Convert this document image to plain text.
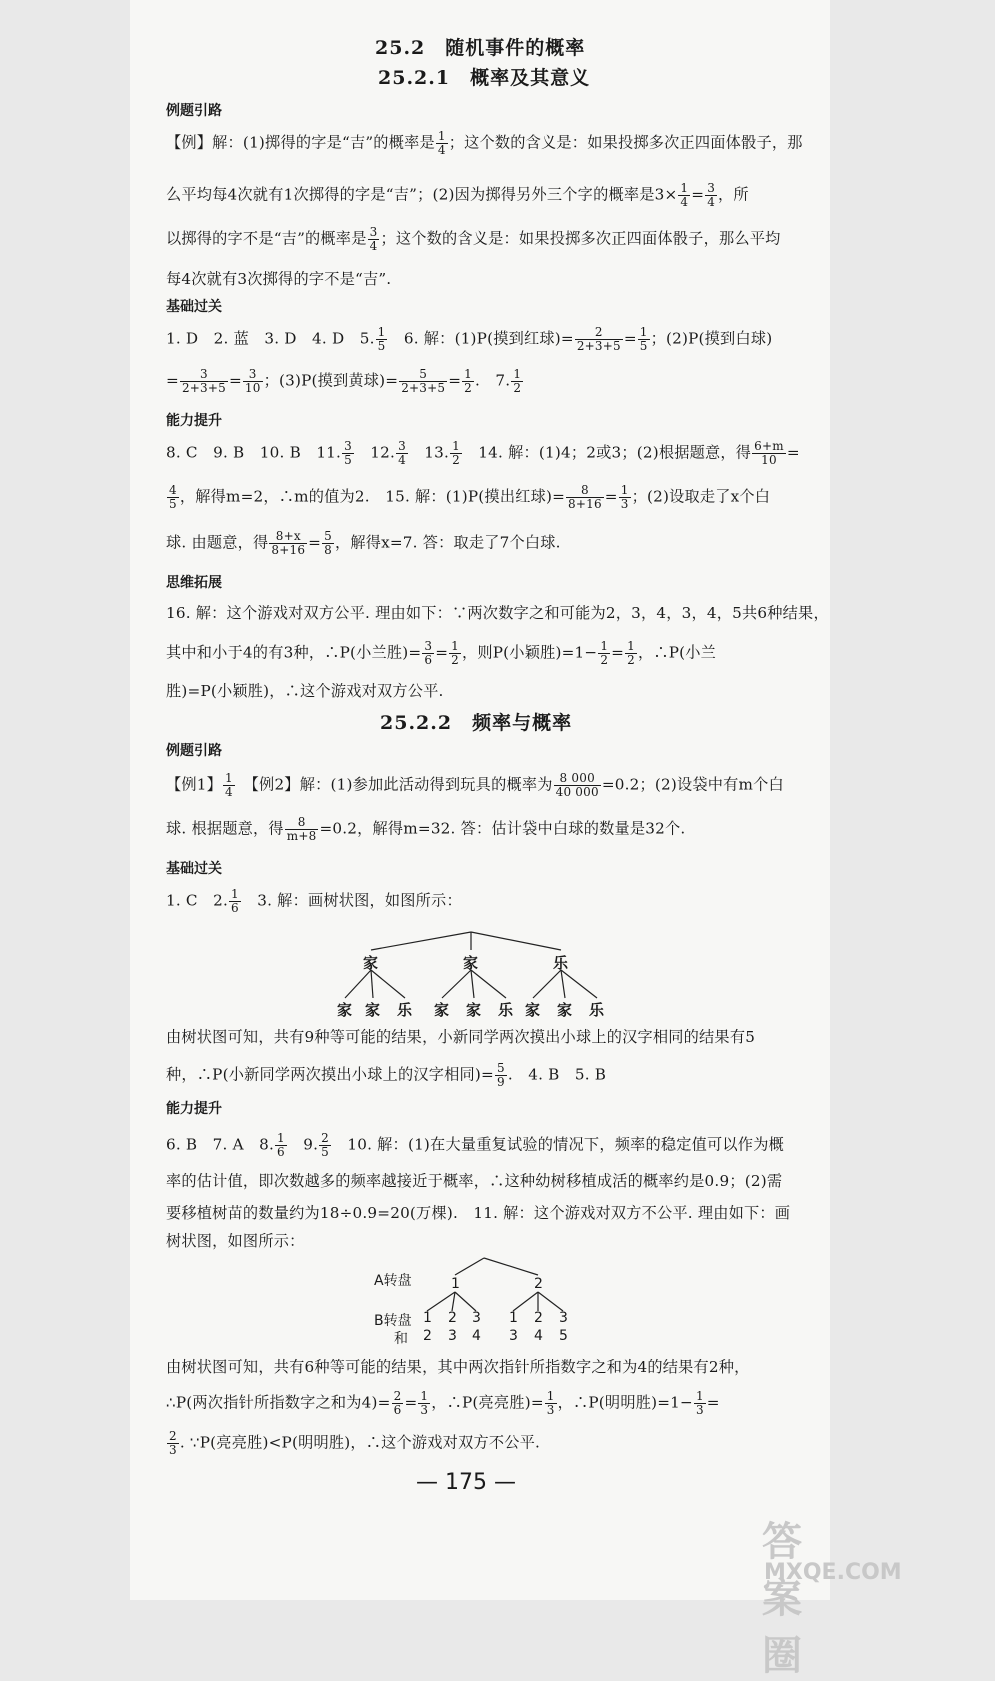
25.2　随机事件的概率
25.2.1　概率及其意义
例题引路
【例】解：(1)掷得的字是“吉”的概率是 $\frac{1}{4}$ ；这个数的含义是：如果投掷多次正四面体骰子，那
么平均每4次就有1次掷得的字是“吉”；(2)因为掷得另外三个字的概率是$3\times \frac{1}{4} = \frac{3}{4}$ ，所
以掷得的字不是“吉”的概率是 $\frac{3}{4}$ ；这个数的含义是：如果投掷多次正四面体骰子，那么平均
每4次就有3次掷得的字不是“吉”.
基础过关
1. D　2. 蓝　3. D　4. D　5. $\frac{1}{5}$ 　6. 解：(1)P(摸到红球)= $\frac{2}{2+3+5} = \frac{1}{5}$ ；(2)P(摸到白球)
= $\frac{3}{2+3+5} = \frac{3}{10}$ ；(3)P(摸到黄球)= $\frac{5}{2+3+5} = \frac{1}{2}$ .　7. $\frac{1}{2}$
能力提升
8. C　9. B　10. B　11. $\frac{3}{5}$ 　12. $\frac{3}{4}$ 　13. $\frac{1}{2}$ 　14. 解：(1)4；2或3；(2)根据题意，得 $\frac{6+m}{10}$ =
$\frac{4}{5}$ ，解得m=2，∴m的值为2.　15. 解：(1)P(摸出红球)= $\frac{8}{8+16} = \frac{1}{3}$ ；(2)设取走了x个白
球. 由题意，得 $\frac{8+x}{8+16} = \frac{5}{8}$ ，解得x=7. 答：取走了7个白球.
思维拓展
16. 解：这个游戏对双方公平. 理由如下：∵两次数字之和可能为2，3，4，3，4，5共6种结果，
其中和小于4的有3种，∴P(小兰胜)= $\frac{3}{6} = \frac{1}{2}$ ，则P(小颖胜)$=1- \frac{1}{2} = \frac{1}{2}$ ，∴P(小兰
胜)=P(小颖胜)，∴这个游戏对双方公平.
25.2.2　频率与概率
例题引路
【例1】 $\frac{1}{4}$ 　【例2】解：(1)参加此活动得到玩具的概率为 $\frac{8 000}{40 000} =0.2$；(2)设袋中有m个白
球. 根据题意，得 $\frac{8}{m+8} =0.2$，解得m=32. 答：估计袋中白球的数量是32个.
基础过关
1. C　2. $\frac{1}{6}$ 　3. 解：画树状图，如图所示：
家	家	乐
家 家 乐 家 家 乐 家 家 乐
由树状图可知，共有9种等可能的结果，小新同学两次摸出小球上的汉字相同的结果有5
种，∴P(小新同学两次摸出小球上的汉字相同)= $\frac{5}{9}$ .　4. B　5. B
能力提升
6. B　7. A　8. $\frac{1}{6}$ 　9. $\frac{2}{5}$ 　10. 解：(1)在大量重复试验的情况下，频率的稳定值可以作为概
率的估计值，即次数越多的频率越接近于概率，∴这种幼树移植成活的概率约是0.9；(2)需
要移植树苗的数量约为18÷0.9=20(万棵).　11. 解：这个游戏对双方不公平. 理由如下：画
树状图，如图所示：
A转盘
B转盘
和
1	2
1 2 3 1 2 3
2 3 4 3 4 5
由树状图可知，共有6种等可能的结果，其中两次指针所指数字之和为4的结果有2种，
∴P(两次指针所指数字之和为$4)= \frac{2}{6} = \frac{1}{3}$ ，∴P(亮亮胜)= $\frac{1}{3}$ ，∴P(明明胜)$=1- \frac{1}{3}$ =
$\frac{2}{3}$ . ∵P(亮亮胜)<P(明明胜)，∴这个游戏对双方不公平.
— 175 —
答案圈
MXQE.COM
